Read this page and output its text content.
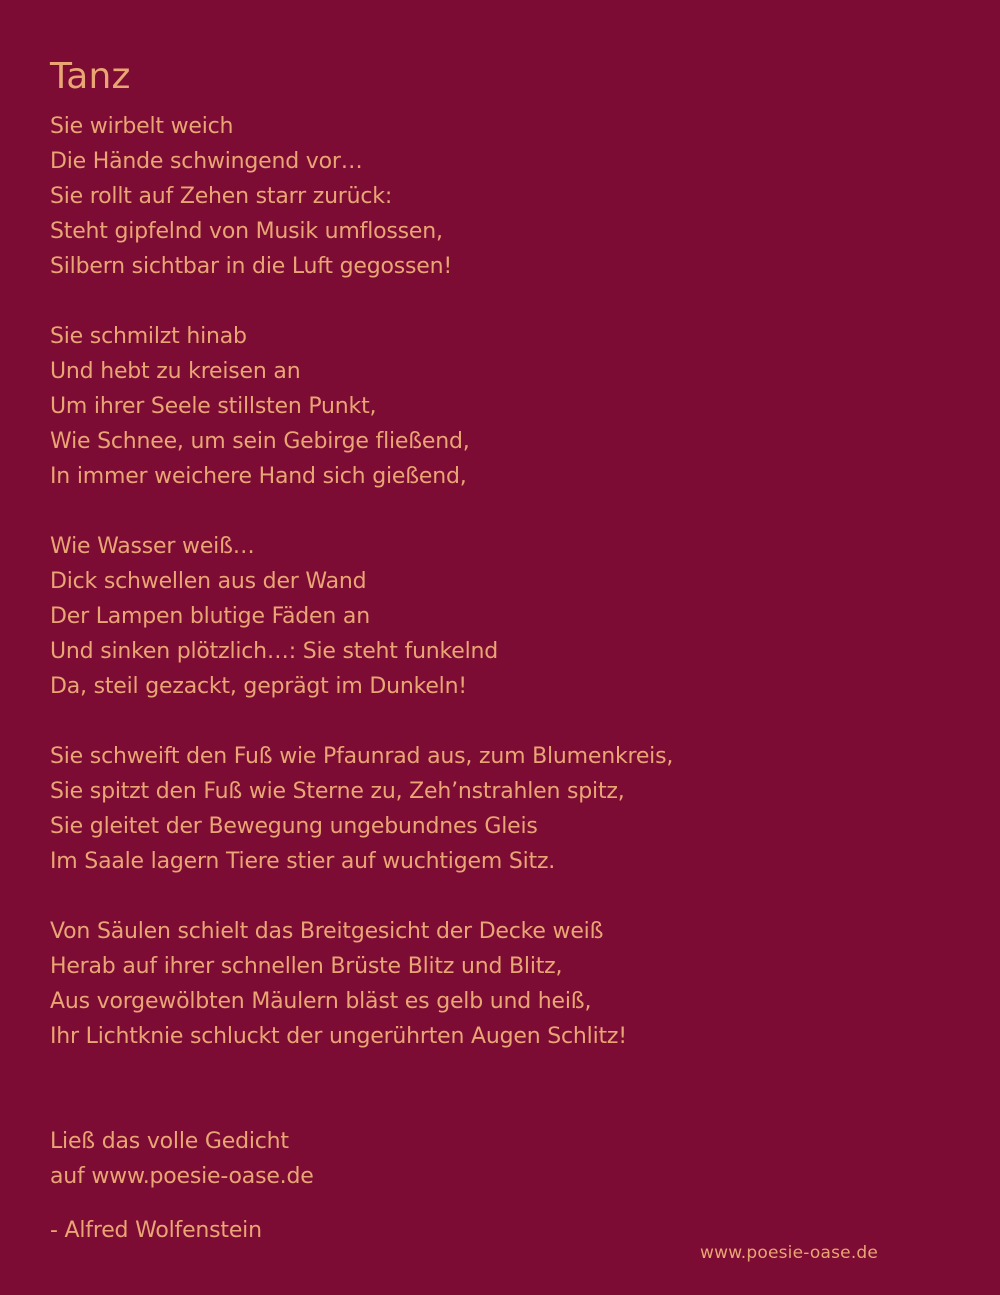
Tanz
Sie wirbelt weich
Die Hände schwingend vor…
Sie rollt auf Zehen starr zurück:
Steht gipfelnd von Musik umflossen,
Silbern sichtbar in die Luft gegossen!
Sie schmilzt hinab
Und hebt zu kreisen an
Um ihrer Seele stillsten Punkt,
Wie Schnee, um sein Gebirge fließend,
In immer weichere Hand sich gießend,
Wie Wasser weiß…
Dick schwellen aus der Wand
Der Lampen blutige Fäden an
Und sinken plötzlich…: Sie steht funkelnd
Da, steil gezackt, geprägt im Dunkeln!
Sie schweift den Fuß wie Pfaunrad aus, zum Blumenkreis,
Sie spitzt den Fuß wie Sterne zu, Zeh’nstrahlen spitz,
Sie gleitet der Bewegung ungebundnes Gleis
Im Saale lagern Tiere stier auf wuchtigem Sitz.
Von Säulen schielt das Breitgesicht der Decke weiß
Herab auf ihrer schnellen Brüste Blitz und Blitz,
Aus vorgewölbten Mäulern bläst es gelb und heiß,
Ihr Lichtknie schluckt der ungerührten Augen Schlitz!
Ließ das volle Gedicht
auf www.poesie-oase.de
- Alfred Wolfenstein
www.poesie-oase.de
